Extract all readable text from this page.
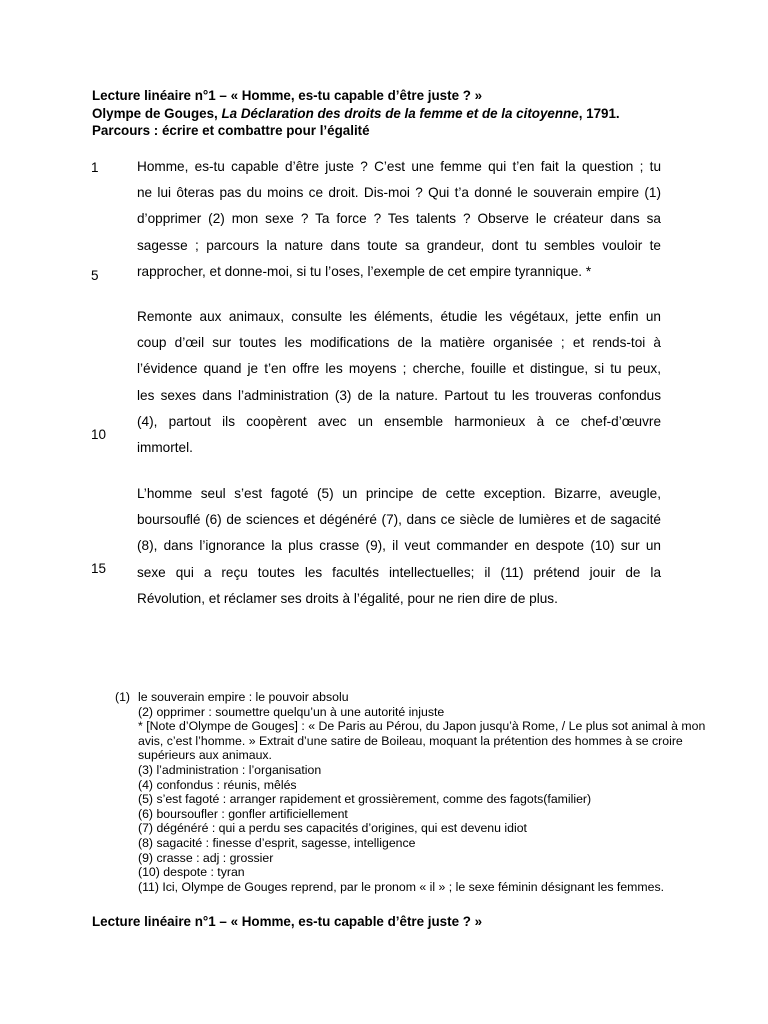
Lecture linéaire n°1 – « Homme, es-tu capable d’être juste ? »
Olympe de Gouges, La Déclaration des droits de la femme et de la citoyenne, 1791.
Parcours : écrire et combattre pour l’égalité
1
5
10
15
Homme, es-tu capable d’être juste ? C’est une femme qui t’en fait la question ; tu
ne lui ôteras pas du moins ce droit. Dis-moi ? Qui t’a donné le souverain empire (1)
d’opprimer (2) mon sexe ? Ta force ? Tes talents ? Observe le créateur dans sa
sagesse ; parcours la nature dans toute sa grandeur, dont tu sembles vouloir te
rapprocher, et donne-moi, si tu l’oses, l’exemple de cet empire tyrannique. *
Remonte aux animaux, consulte les éléments, étudie les végétaux, jette enfin un
coup d’œil sur toutes les modifications de la matière organisée ; et rends-toi à
l’évidence quand je t’en offre les moyens ; cherche, fouille et distingue, si tu peux,
les sexes dans l’administration (3) de la nature. Partout tu les trouveras confondus
(4), partout ils coopèrent avec un ensemble harmonieux à ce chef-d’œuvre
immortel.
L’homme seul s’est fagoté (5) un principe de cette exception. Bizarre, aveugle,
boursouflé (6) de sciences et dégénéré (7), dans ce siècle de lumières et de sagacité
(8), dans l’ignorance la plus crasse (9), il veut commander en despote (10) sur un
sexe qui a reçu toutes les facultés intellectuelles; il (11) prétend jouir de la
Révolution, et réclamer ses droits à l’égalité, pour ne rien dire de plus.
(1) le souverain empire : le pouvoir absolu
(2) opprimer : soumettre quelqu’un à une autorité injuste
* [Note d’Olympe de Gouges] : « De Paris au Pérou, du Japon jusqu’à Rome, / Le plus sot animal à mon avis, c’est l’homme. » Extrait d’une satire de Boileau, moquant la prétention des hommes à se croire supérieurs aux animaux.
(3) l’administration : l’organisation
(4) confondus : réunis, mêlés
(5) s’est fagoté : arranger rapidement et grossièrement, comme des fagots(familier)
(6) boursoufler : gonfler artificiellement
(7) dégénéré : qui a perdu ses capacités d’origines, qui est devenu idiot
(8) sagacité : finesse d’esprit, sagesse, intelligence
(9) crasse : adj : grossier
(10) despote : tyran
(11) Ici, Olympe de Gouges reprend, par le pronom « il » ; le sexe féminin désignant les femmes.
Lecture linéaire n°1 – « Homme, es-tu capable d’être juste ? »
